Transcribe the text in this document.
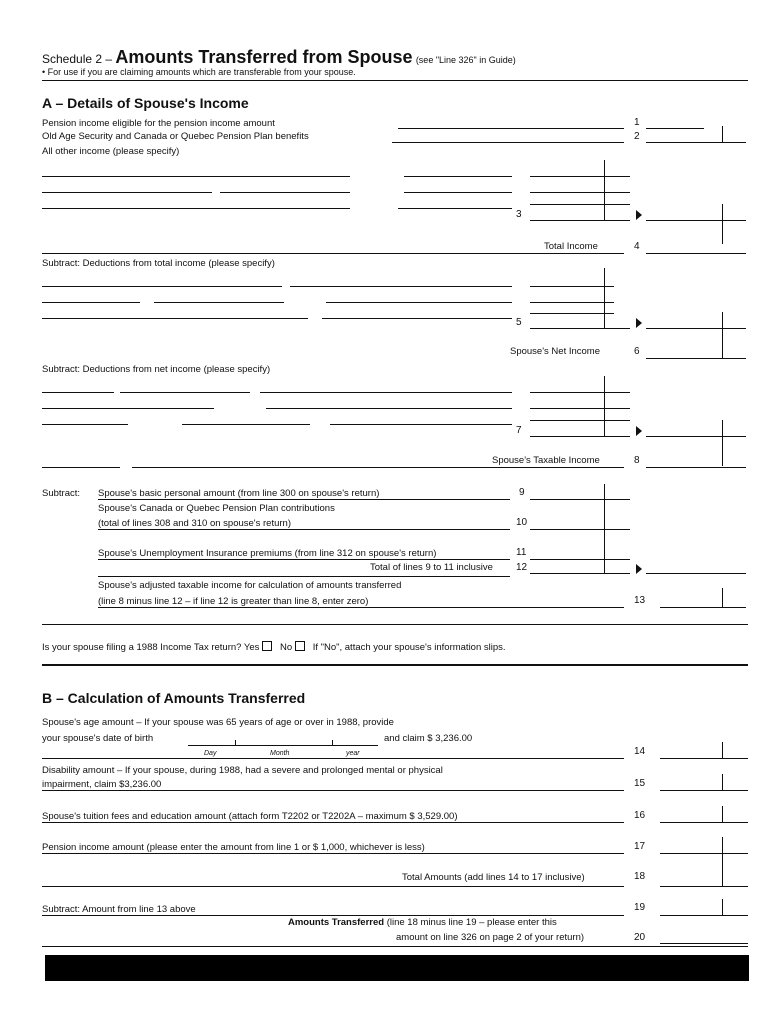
Schedule 2 – Amounts Transferred from Spouse (see "Line 326" in Guide)
• For use if you are claiming amounts which are transferable from your spouse.
A – Details of Spouse's Income
Pension income eligible for the pension income amount	1
Old Age Security and Canada or Quebec Pension Plan benefits	2
All other income (please specify)
3
Total Income	4
Subtract: Deductions from total income (please specify)
5
Spouse's Net Income	6
Subtract: Deductions from net income (please specify)
7
Spouse's Taxable Income	8
Subtract: Spouse's basic personal amount (from line 300 on spouse's return)	9
Spouse's Canada or Quebec Pension Plan contributions
(total of lines 308 and 310 on spouse's return)	10
Spouse's Unemployment Insurance premiums (from line 312 on spouse's return)	11
Total of lines 9 to 11 inclusive 12
Spouse's adjusted taxable income for calculation of amounts transferred
(line 8 minus line 12 – if line 12 is greater than line 8, enter zero)	13
Is your spouse filing a 1988 Income Tax return? Yes No If "No", attach your spouse's information slips.
B – Calculation of Amounts Transferred
Spouse's age amount – If your spouse was 65 years of age or over in 1988, provide
your spouse's date of birth
Day	Month	year
and claim $ 3,236.00
14
Disability amount – If your spouse, during 1988, had a severe and prolonged mental or physical
impairment, claim $3,236.00	15
Spouse's tuition fees and education amount (attach form T2202 or T2202A – maximum $ 3,529.00)	16
Pension income amount (please enter the amount from line 1 or $ 1,000, whichever is less)	17
Total Amounts (add lines 14 to 17 inclusive)	18
Subtract: Amount from line 13 above	19
Amounts Transferred (line 18 minus line 19 – please enter this
amount on line 326 on page 2 of your return)	20
